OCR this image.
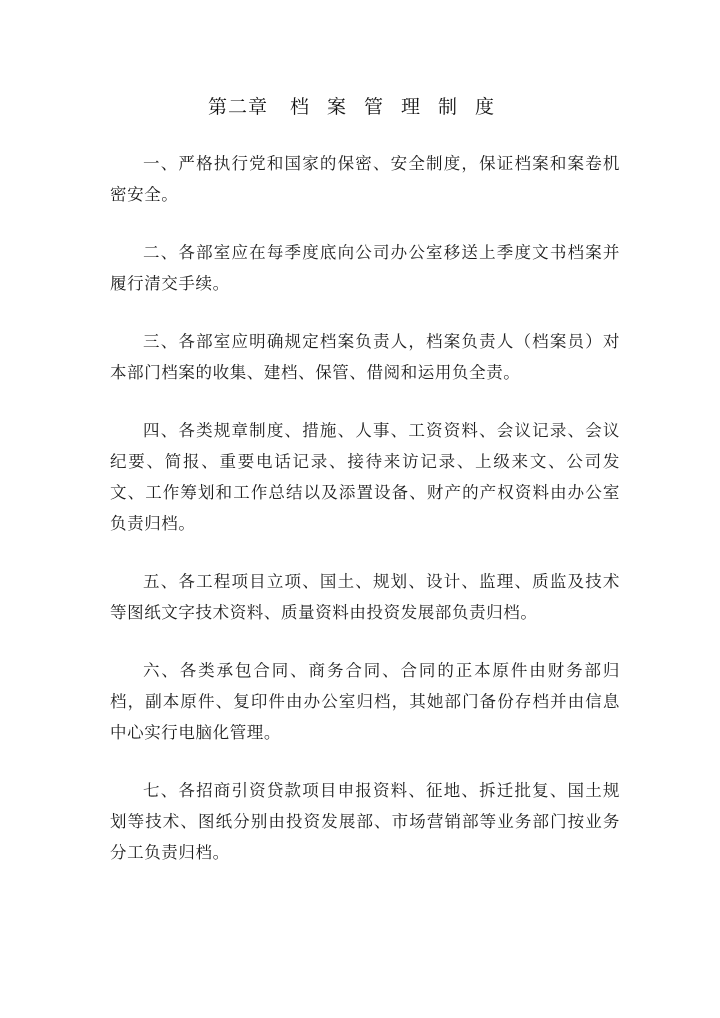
第二章 档案管理制度

一、严格执行党和国家的保密、安全制度，保证档案和案卷机密安全。

二、各部室应在每季度底向公司办公室移送上季度文书档案并履行清交手续。

三、各部室应明确规定档案负责人，档案负责人（档案员）对本部门档案的收集、建档、保管、借阅和运用负全责。

四、各类规章制度、措施、人事、工资资料、会议记录、会议纪要、简报、重要电话记录、接待来访记录、上级来文、公司发文、工作筹划和工作总结以及添置设备、财产的产权资料由办公室负责归档。

五、各工程项目立项、国土、规划、设计、监理、质监及技术等图纸文字技术资料、质量资料由投资发展部负责归档。

六、各类承包合同、商务合同、合同的正本原件由财务部归档，副本原件、复印件由办公室归档，其她部门备份存档并由信息中心实行电脑化管理。

七、各招商引资贷款项目申报资料、征地、拆迁批复、国土规划等技术、图纸分别由投资发展部、市场营销部等业务部门按业务分工负责归档。
